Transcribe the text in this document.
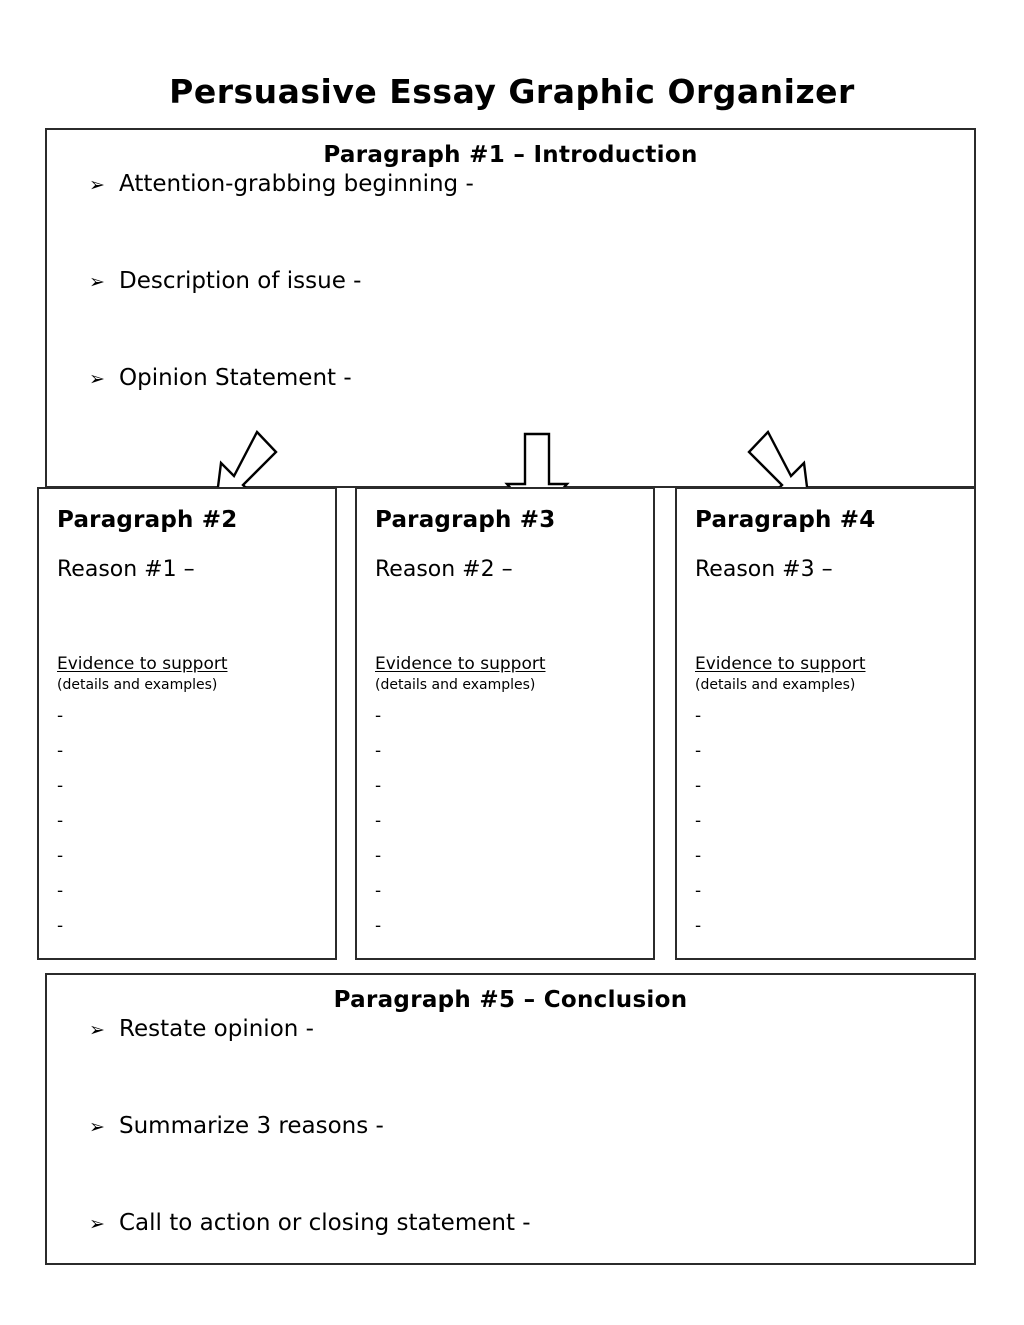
Persuasive Essay Graphic Organizer
Paragraph #1 – Introduction
➢ Attention-grabbing beginning -
➢ Description of issue -
➢ Opinion Statement -
Paragraph #2
Reason #1 –
Evidence to support
(details and examples)
-
-
-
-
-
-
-
Paragraph #3
Reason #2 –
Evidence to support
(details and examples)
-
-
-
-
-
-
-
Paragraph #4
Reason #3 –
Evidence to support
(details and examples)
-
-
-
-
-
-
-
Paragraph #5 – Conclusion
➢ Restate opinion -
➢ Summarize 3 reasons -
➢ Call to action or closing statement -
